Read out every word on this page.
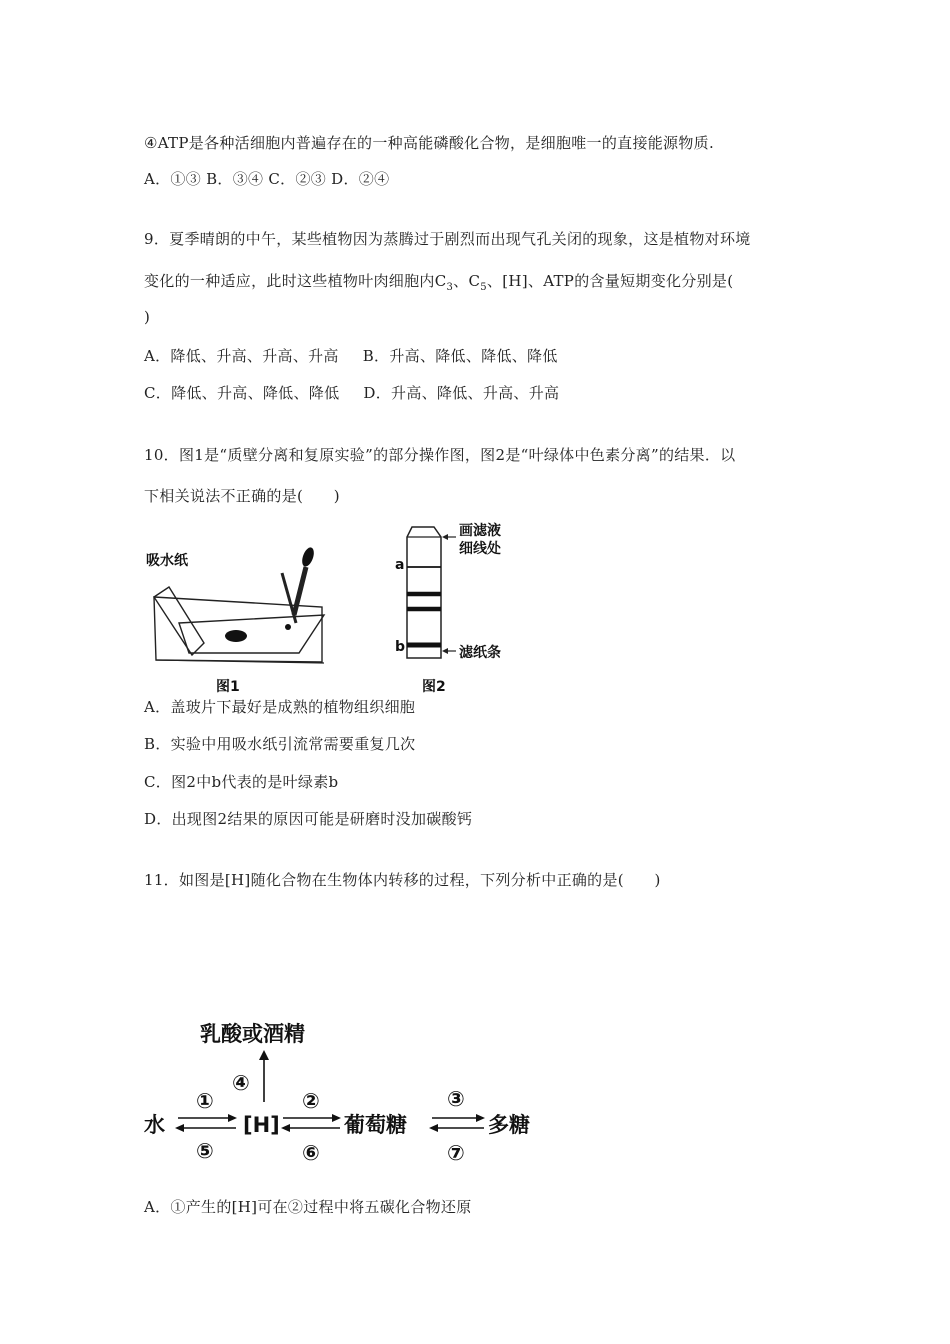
④ATP是各种活细胞内普遍存在的一种高能磷酸化合物，是细胞唯一的直接能源物质.
A．①③ B．③④ C．②③ D．②④
9．夏季晴朗的中午，某些植物因为蒸腾过于剧烈而出现气孔关闭的现象，这是植物对环境
变化的一种适应，此时这些植物叶肉细胞内$C_3$、$C_5$、[H]、ATP的含量短期变化分别是(
)
A．降低、升高、升高、升高 B．升高、降低、降低、降低
C．降低、升高、降低、降低 D．升高、降低、升高、升高
10．图1是“质壁分离和复原实验”的部分操作图，图2是“叶绿体中色素分离”的结果．以
下相关说法不正确的是(　　)
吸水纸
图1
画滤液
细线处
a
b	滤纸条
图2
A．盖玻片下最好是成熟的植物组织细胞
B．实验中用吸水纸引流常需要重复几次
C．图2中b代表的是叶绿素b
D．出现图2结果的原因可能是研磨时没加碳酸钙
11．如图是[H]随化合物在生物体内转移的过程，下列分析中正确的是(　　)
乳酸或酒精
④
水	[H]	葡萄糖	多糖
①
⑤
②
⑥
③
⑦
A．①产生的[H]可在②过程中将五碳化合物还原
